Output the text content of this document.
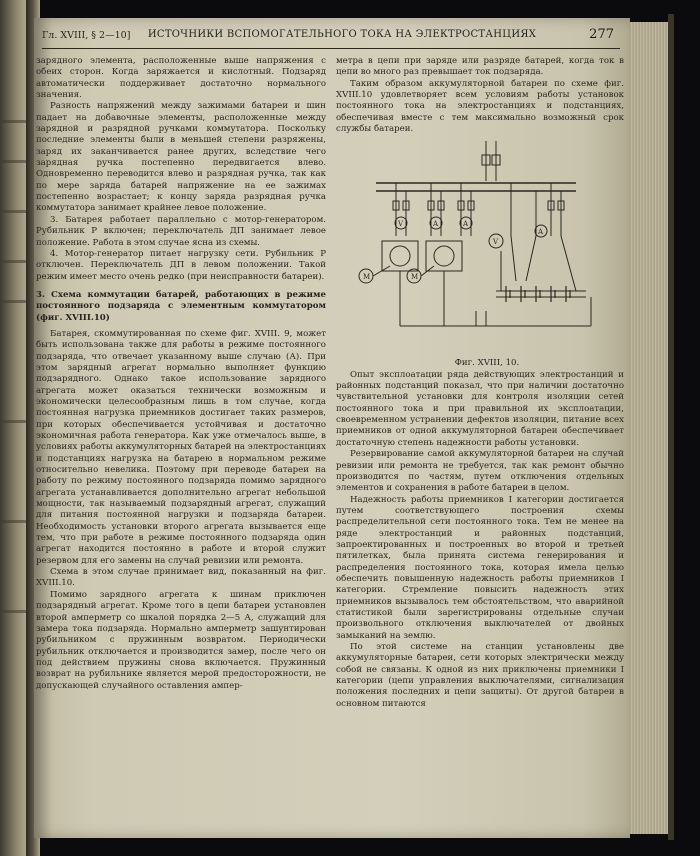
Гл. XVIII, § 2—10]	ИСТОЧНИКИ ВСПОМОГАТЕЛЬНОГО ТОКА НА ЭЛЕКТРОСТАНЦИЯХ	277

зарядного элемента, расположенные выше напряжения с обеих сторон. Когда заряжается и кислотный. Подзаряд автоматически поддерживает достаточно нормального значения.

Разность напряжений между зажимами батареи и шин падает на добавочные элементы, расположенные между зарядной и разрядной ручками коммутатора. Поскольку последние элементы были в меньшей степени разряжены, заряд их заканчивается ранее других, вследствие чего зарядная ручка постепенно передвигается влево. Одновременно переводится влево и разрядная ручка, так как по мере заряда батарей напряжение на ее зажимах постепенно возрастает; к концу заряда разрядная ручка коммутатора занимает крайнее левое положение.

3. Батарея работает параллельно с мотор-генератором. Рубильник Р включен; переключатель ДП занимает левое положение. Работа в этом случае ясна из схемы.

4. Мотор-генератор питает нагрузку сети. Рубильник Р отключен. Переключатель ДП в левом положении. Такой режим имеет место очень редко (при неисправности батареи).

3. Схема коммутации батарей, работающих в режиме постоянного подзаряда с элементным коммутатором (фиг. XVIII.10)

Батарея, скоммутированная по схеме фиг. XVIII. 9, может быть использована также для работы в режиме постоянного подзаряда, что отвечает указанному выше случаю (А). При этом зарядный агрегат нормально выполняет функцию подзарядного. Однако такое использование зарядного агрегата может оказаться технически возможным и экономически целесообразным лишь в том случае, когда постоянная нагрузка приемников достигает таких размеров, при которых обеспечивается устойчивая и достаточно экономичная работа генератора. Как уже отмечалось выше, в условиях работы аккумуляторных батарей на электростанциях и подстанциях нагрузка на батарею в нормальном режиме относительно невелика. Поэтому при переводе батареи на работу по режиму постоянного подзаряда помимо зарядного агрегата устанавливается дополнительно агрегат небольшой мощности, так называемый подзарядный агрегат, служащий для питания постоянной нагрузки и подзаряда батареи. Необходимость установки второго агрегата вызывается еще тем, что при работе в режиме постоянного подзаряда один агрегат находится постоянно в работе и второй служит резервом для его замены на случай ревизии или ремонта.

Схема в этом случае принимает вид, показанный на фиг. XVIII.10.

Помимо зарядного агрегата к шинам приключен подзарядный агрегат. Кроме того в цепи батареи установлен второй амперметр со шкалой порядка 2—5 А, служащий для замера тока подзаряда. Нормально амперметр зашунтирован рубильником с пружинным возвратом. Периодически рубильник отключается и производится замер, после чего он под действием пружины снова включается. Пружинный возврат на рубильнике является мерой предосторожности, не допускающей случайного оставления ампер-

метра в цепи при заряде или разряде батарей, когда ток в цепи во много раз превышает ток подзаряда.

Таким образом аккумуляторной батареи по схеме фиг. XVIII.10 удовлетворяет всем условиям работы установок постоянного тока на электростанциях и подстанциях, обеспечивая вместе с тем максимально возможный срок службы батареи.

V	A	A
V
A
M	M

Фиг. XVIII, 10.

Опыт эксплоатации ряда действующих электростанций и районных подстанций показал, что при наличии достаточно чувствительной установки для контроля изоляции сетей постоянного тока и при правильной их эксплоатации, своевременном устранении дефектов изоляции, питание всех приемников от одной аккумуляторной батареи обеспечивает достаточную степень надежности работы установки.

Резервирование самой аккумуляторной батареи на случай ревизии или ремонта не требуется, так как ремонт обычно производится по частям, путем отключения отдельных элементов и сохранения в работе батареи в целом.

Надежность работы приемников I категории достигается путем соответствующего построения схемы распределительной сети постоянного тока. Тем не менее на ряде электростанций и районных подстанций, запроектированных и построенных во второй и третьей пятилетках, была принята система генерирования и распределения постоянного тока, которая имела целью обеспечить повышенную надежность работы приемников I категории. Стремление повысить надежность этих приемников вызывалось тем обстоятельством, что аварийной статистикой были зарегистрированы отдельные случаи произвольного отключения выключателей от двойных замыканий на землю.

По этой системе на станции установлены две аккумуляторные батареи, сети которых электрически между собой не связаны. К одной из них приключены приемники I категории (цепи управления выключателями, сигнализация положения последних и цепи защиты). От другой батареи в основном питаются
